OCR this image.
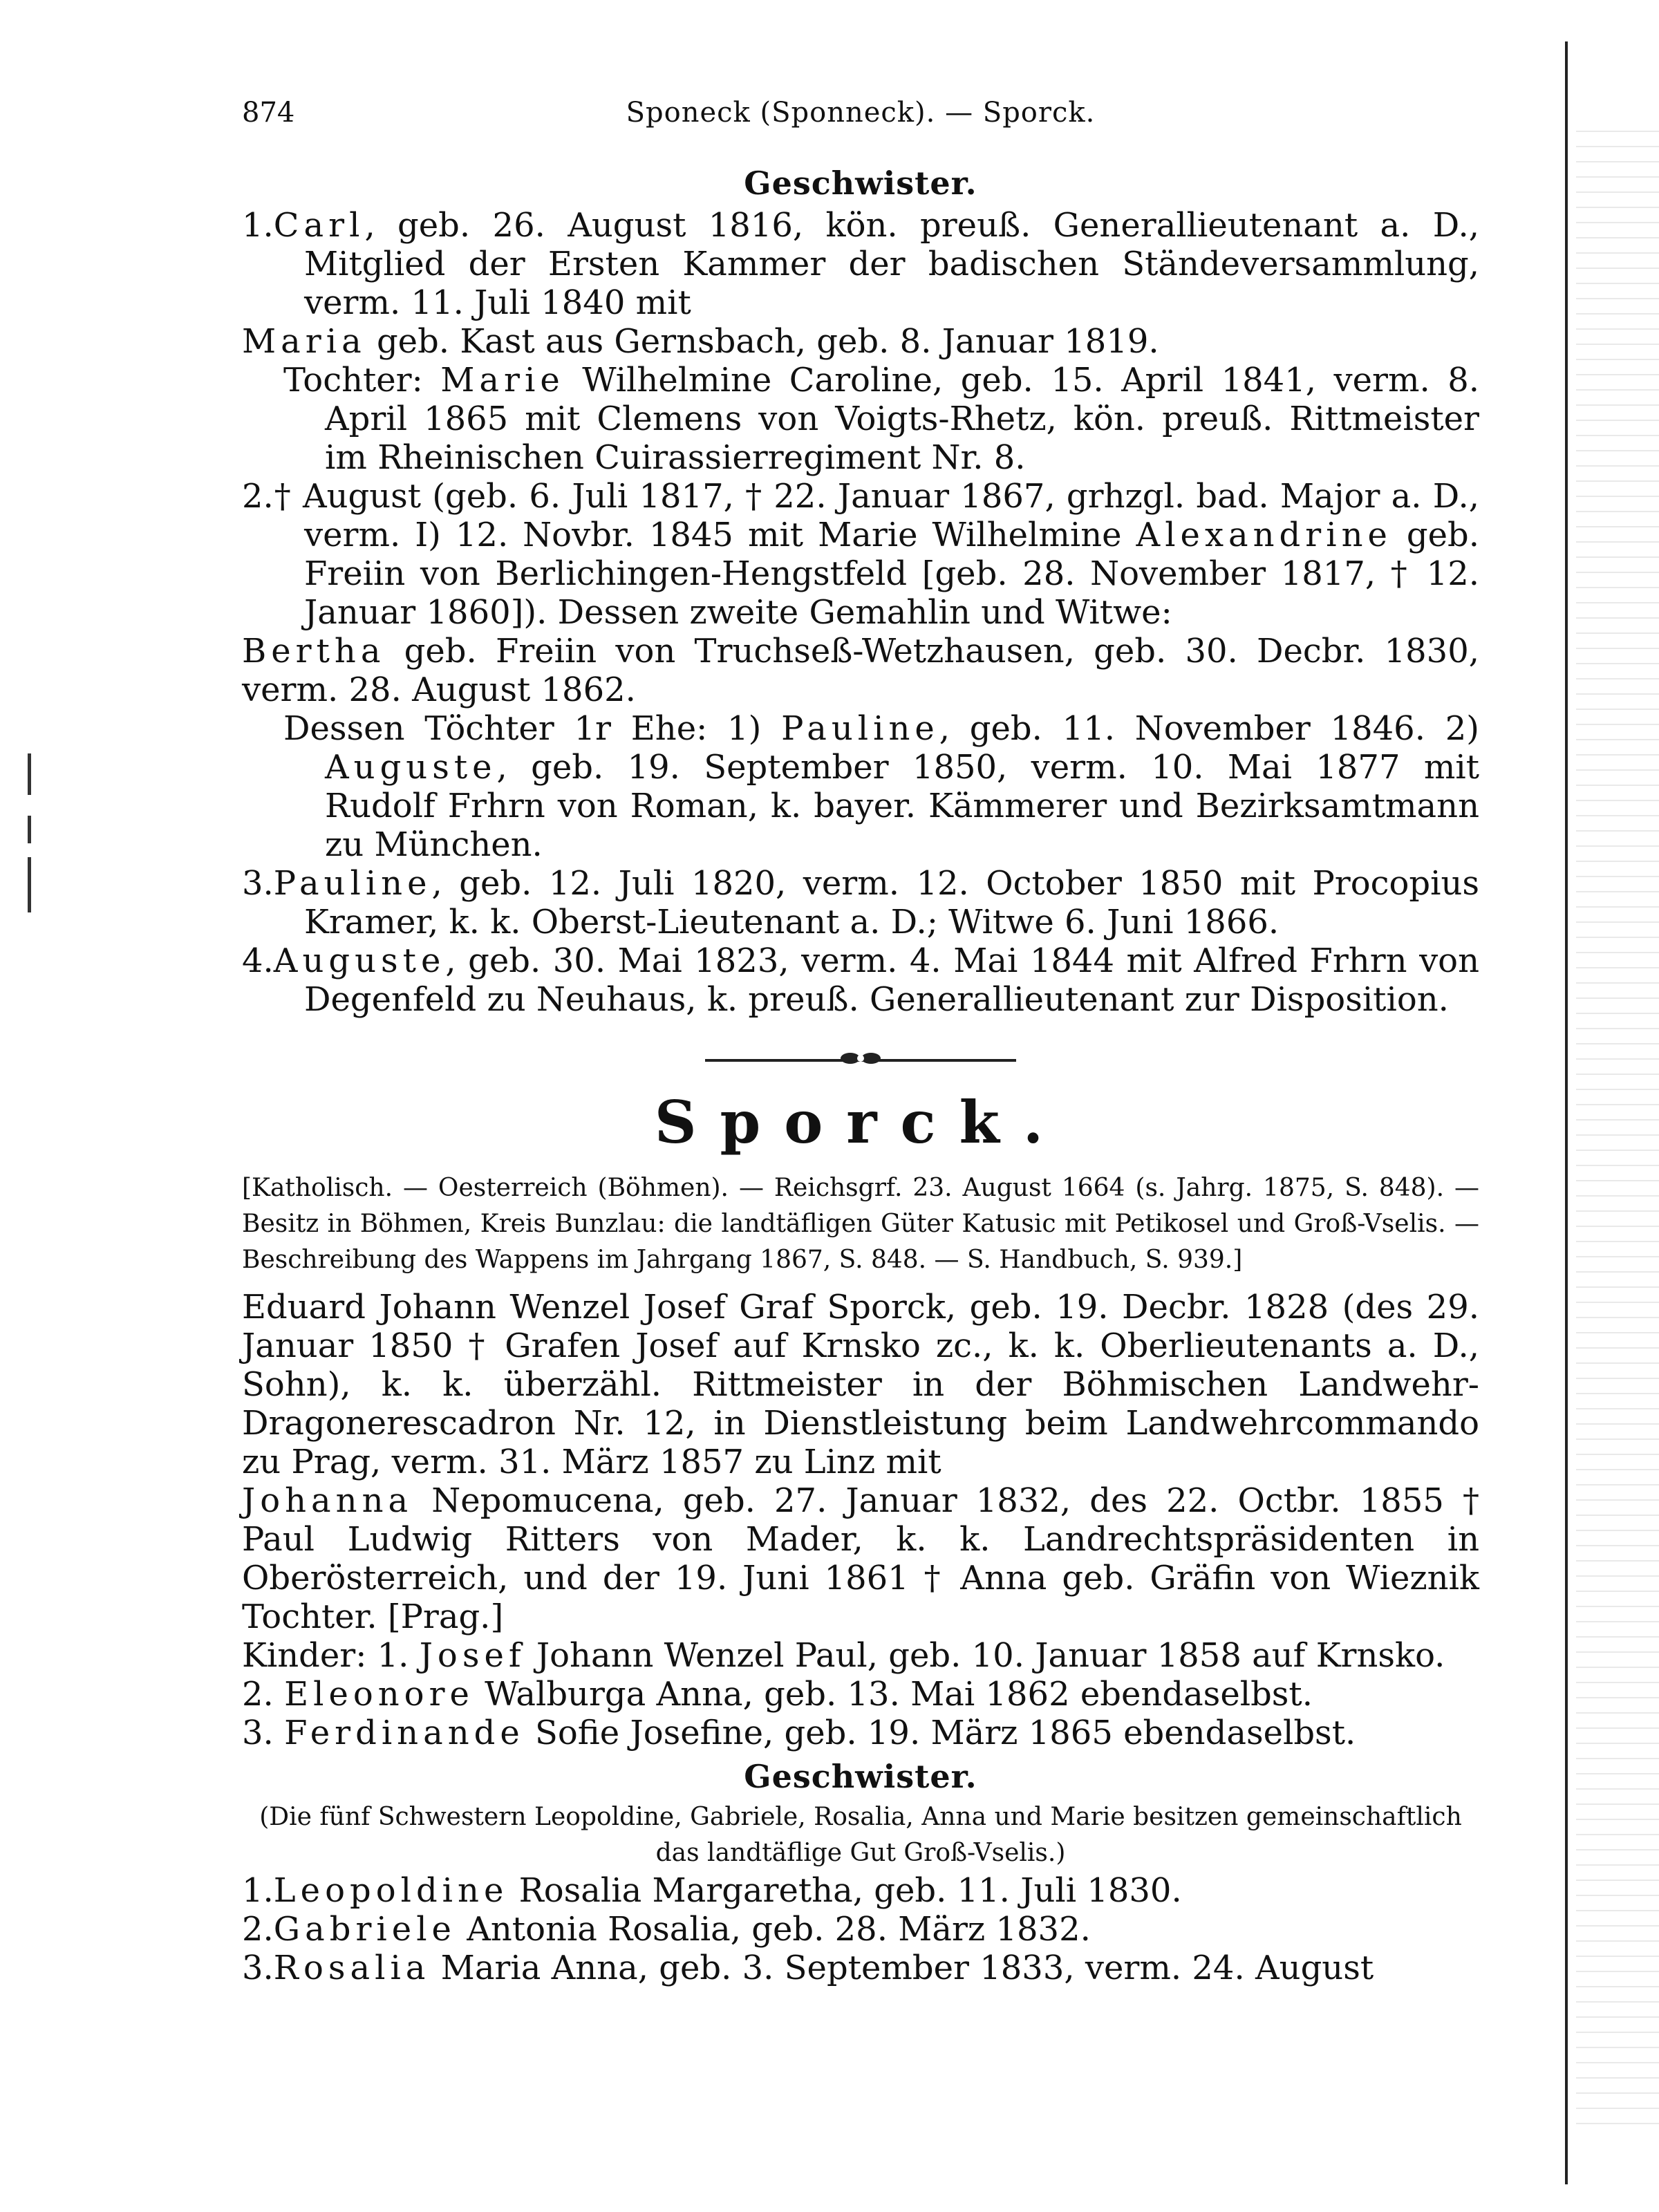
874	Sponeck (Sponneck). — Sporck.
Geschwister.

1.Carl, geb. 26. August 1816, kön. preuß. Generallieutenant a. D., Mitglied der Ersten Kammer der badischen Ständeversammlung, verm. 11. Juli 1840 mit

Maria geb. Kast aus Gernsbach, geb. 8. Januar 1819.

Tochter: Marie Wilhelmine Caroline, geb. 15. April 1841, verm. 8. April 1865 mit Clemens von Voigts-Rhetz, kön. preuß. Rittmeister im Rheinischen Cuirassierregiment Nr. 8.

2.† August (geb. 6. Juli 1817, † 22. Januar 1867, grhzgl. bad. Major a. D., verm. I) 12. Novbr. 1845 mit Marie Wilhelmine Alexandrine geb. Freiin von Berlichingen-Hengstfeld [geb. 28. November 1817, † 12. Januar 1860]). Dessen zweite Gemahlin und Witwe:

Bertha geb. Freiin von Truchseß-Wetzhausen, geb. 30. Decbr. 1830, verm. 28. August 1862.

Dessen Töchter 1r Ehe: 1) Pauline, geb. 11. November 1846. 2) Auguste, geb. 19. September 1850, verm. 10. Mai 1877 mit Rudolf Frhrn von Roman, k. bayer. Kämmerer und Bezirksamtmann zu München.

3.Pauline, geb. 12. Juli 1820, verm. 12. October 1850 mit Procopius Kramer, k. k. Oberst-Lieutenant a. D.; Witwe 6. Juni 1866.

4.Auguste, geb. 30. Mai 1823, verm. 4. Mai 1844 mit Alfred Frhrn von Degenfeld zu Neuhaus, k. preuß. Generallieutenant zur Disposition.

Sporck.

[Katholisch. — Oesterreich (Böhmen). — Reichsgrf. 23. August 1664 (s. Jahrg. 1875, S. 848). — Besitz in Böhmen, Kreis Bunzlau: die landtäfligen Güter Katusic mit Petikosel und Groß-Vselis. — Beschreibung des Wappens im Jahrgang 1867, S. 848. — S. Handbuch, S. 939.]

Eduard Johann Wenzel Josef Graf Sporck, geb. 19. Decbr. 1828 (des 29. Januar 1850 † Grafen Josef auf Krnsko zc., k. k. Oberlieutenants a. D., Sohn), k. k. überzähl. Rittmeister in der Böhmischen Landwehr-Dragonerescadron Nr. 12, in Dienstleistung beim Landwehrcommando zu Prag, verm. 31. März 1857 zu Linz mit

Johanna Nepomucena, geb. 27. Januar 1832, des 22. Octbr. 1855 † Paul Ludwig Ritters von Mader, k. k. Landrechtspräsidenten in Oberösterreich, und der 19. Juni 1861 † Anna geb. Gräfin von Wieznik Tochter. [Prag.]

Kinder: 1. Josef Johann Wenzel Paul, geb. 10. Januar 1858 auf Krnsko.

2. Eleonore Walburga Anna, geb. 13. Mai 1862 ebendaselbst.

3. Ferdinande Sofie Josefine, geb. 19. März 1865 ebendaselbst.

Geschwister.

(Die fünf Schwestern Leopoldine, Gabriele, Rosalia, Anna und Marie besitzen gemeinschaftlich das landtäflige Gut Groß-Vselis.)

1.Leopoldine Rosalia Margaretha, geb. 11. Juli 1830.

2.Gabriele Antonia Rosalia, geb. 28. März 1832.

3.Rosalia Maria Anna, geb. 3. September 1833, verm. 24. August
